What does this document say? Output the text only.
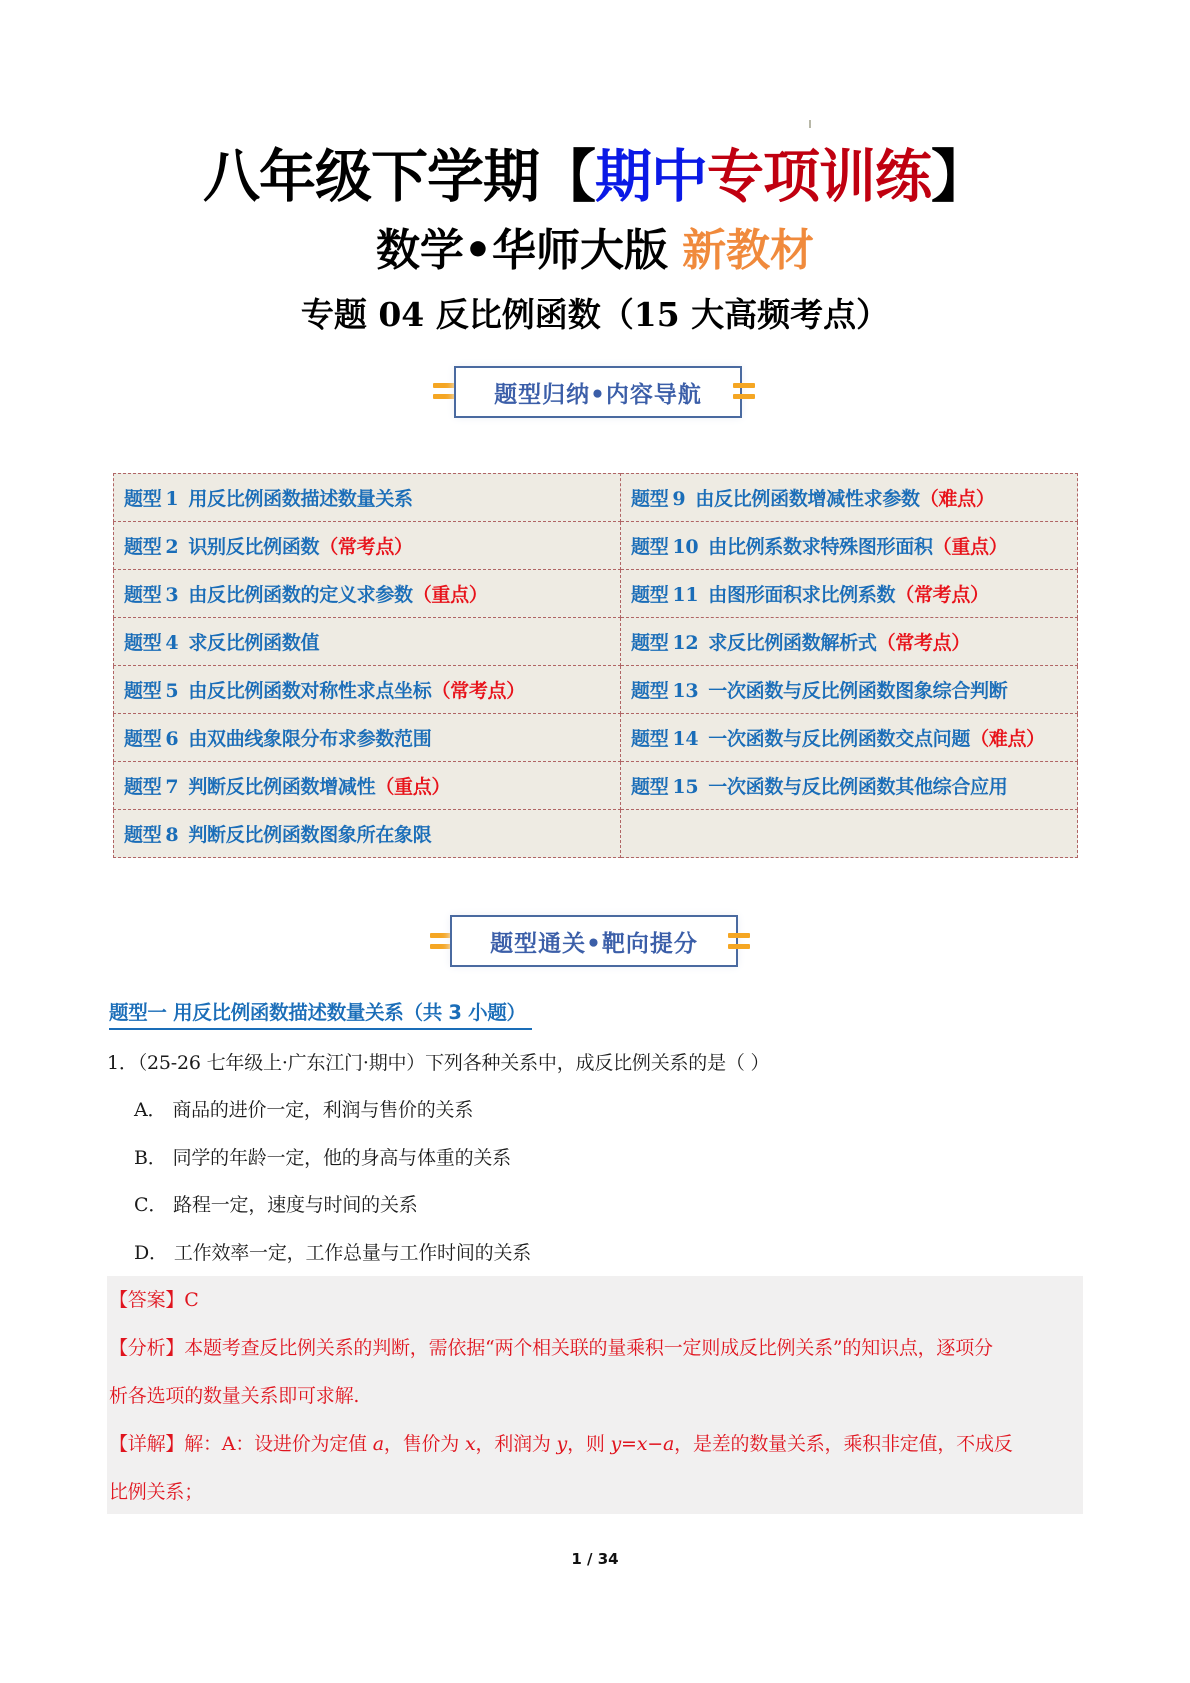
八年级下学期【期中专项训练】
数学•华师大版 新教材
专题 04 反比例函数（15 大高频考点）
题型归纳•内容导航
题型 1 用反比例函数描述数量关系	题型 9 由反比例函数增减性求参数（难点）
题型 2 识别反比例函数（常考点）	题型 10 由比例系数求特殊图形面积（重点）
题型 3 由反比例函数的定义求参数（重点）	题型 11 由图形面积求比例系数（常考点）
题型 4 求反比例函数值	题型 12 求反比例函数解析式（常考点）
题型 5 由反比例函数对称性求点坐标（常考点）	题型 13 一次函数与反比例函数图象综合判断
题型 6 由双曲线象限分布求参数范围	题型 14 一次函数与反比例函数交点问题（难点）
题型 7 判断反比例函数增减性（重点）	题型 15 一次函数与反比例函数其他综合应用
题型 8 判断反比例函数图象所在象限	
题型通关•靶向提分
题型一 用反比例函数描述数量关系（共 3 小题）
1．（25-26 七年级上·广东江门·期中）下列各种关系中，成反比例关系的是（ ）
A． 商品的进价一定，利润与售价的关系
B． 同学的年龄一定，他的身高与体重的关系
C． 路程一定，速度与时间的关系
D． 工作效率一定，工作总量与工作时间的关系
【答案】C
【分析】本题考查反比例关系的判断，需依据“两个相关联的量乘积一定则成反比例关系”的知识点，逐项分
析各选项的数量关系即可求解.
【详解】解：A：设进价为定值 a，售价为 x，利润为 y，则 y=x−a，是差的数量关系，乘积非定值，不成反
比例关系；
1 / 34
